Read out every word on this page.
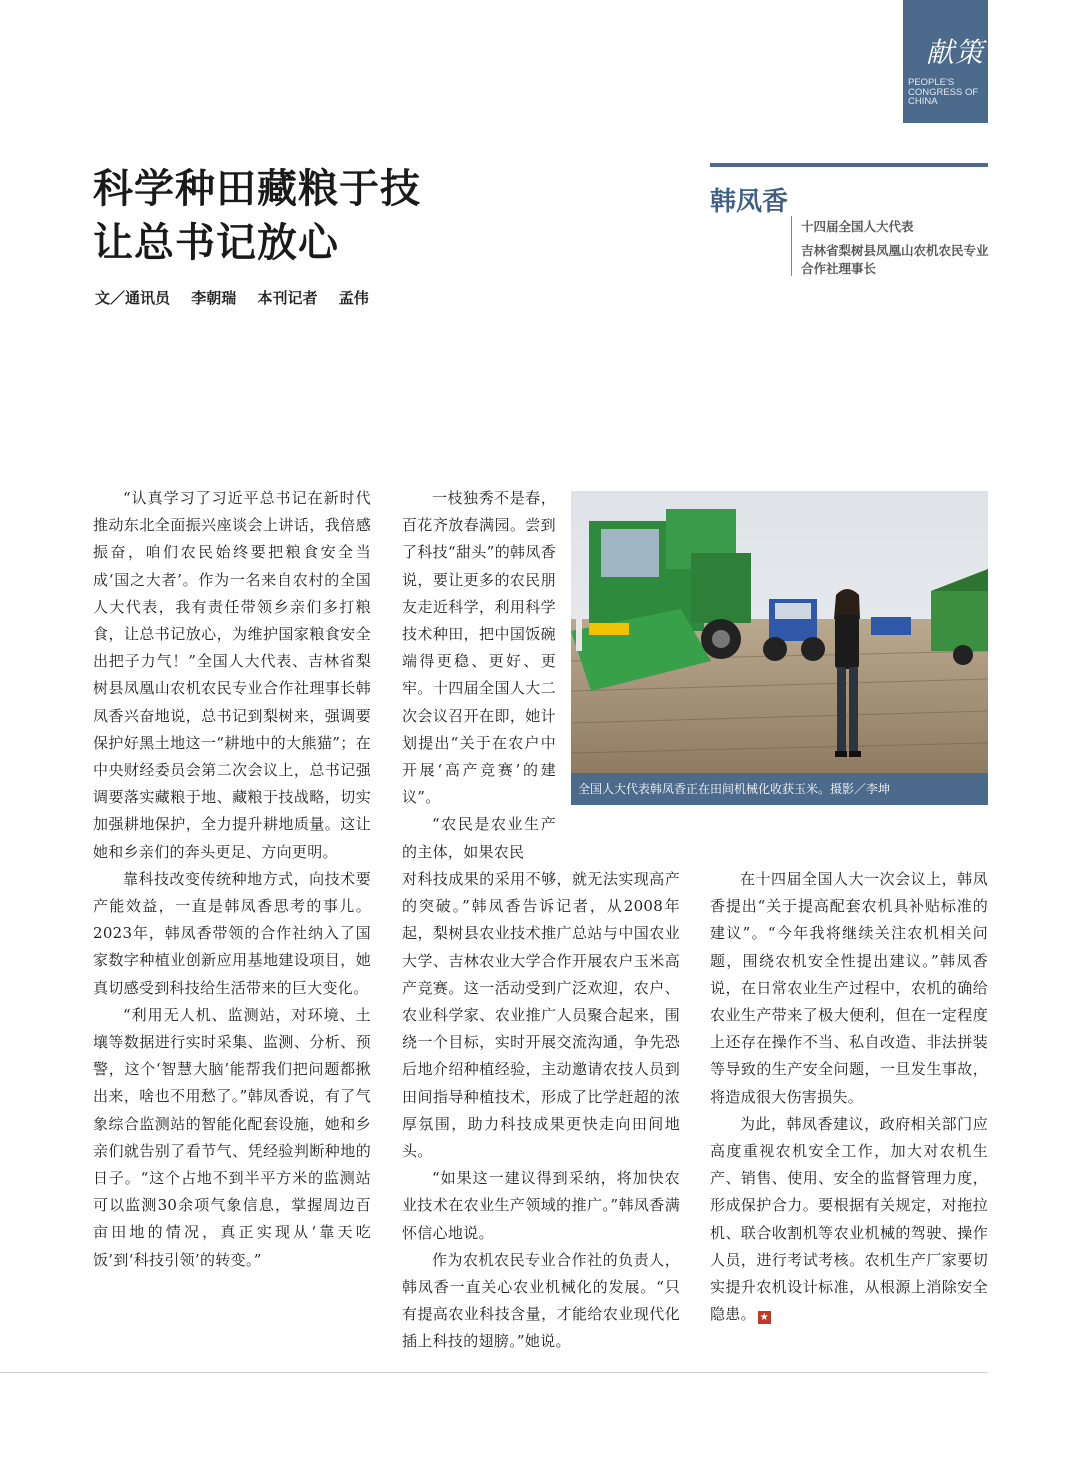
献策
PEOPLE'S
CONGRESS OF
CHINA
科学种田藏粮于技
让总书记放心
文／通讯员 李朝瑞 本刊记者 孟伟
韩凤香
十四届全国人大代表
吉林省梨树县凤凰山农机农民专业合作社理事长

“认真学习了习近平总书记在新时代推动东北全面振兴座谈会上讲话，我倍感振奋，咱们农民始终要把粮食安全当成‘国之大者’。作为一名来自农村的全国人大代表，我有责任带领乡亲们多打粮食，让总书记放心，为维护国家粮食安全出把子力气！”全国人大代表、吉林省梨树县凤凰山农机农民专业合作社理事长韩凤香兴奋地说，总书记到梨树来，强调要保护好黑土地这一“耕地中的大熊猫”；在中央财经委员会第二次会议上，总书记强调要落实藏粮于地、藏粮于技战略，切实加强耕地保护，全力提升耕地质量。这让她和乡亲们的奔头更足、方向更明。

靠科技改变传统种地方式，向技术要产能效益，一直是韩凤香思考的事儿。2023年，韩凤香带领的合作社纳入了国家数字种植业创新应用基地建设项目，她真切感受到科技给生活带来的巨大变化。

“利用无人机、监测站，对环境、土壤等数据进行实时采集、监测、分析、预警，这个‘智慧大脑’能帮我们把问题都揪出来，啥也不用愁了。”韩凤香说，有了气象综合监测站的智能化配套设施，她和乡亲们就告别了看节气、凭经验判断种地的日子。“这个占地不到半平方米的监测站可以监测30余项气象信息，掌握周边百亩田地的情况，真正实现从‘靠天吃饭’到‘科技引领’的转变。”

一枝独秀不是春，百花齐放春满园。尝到了科技“甜头”的韩凤香说，要让更多的农民朋友走近科学，利用科学技术种田，把中国饭碗端得更稳、更好、更牢。十四届全国人大二次会议召开在即，她计划提出“关于在农户中开展‘高产竞赛’的建议”。

“农民是农业生产的主体，如果农民

全国人大代表韩凤香正在田间机械化收获玉米。摄影／李坤

对科技成果的采用不够，就无法实现高产的突破。”韩凤香告诉记者，从2008年起，梨树县农业技术推广总站与中国农业大学、吉林农业大学合作开展农户玉米高产竞赛。这一活动受到广泛欢迎，农户、农业科学家、农业推广人员聚合起来，围绕一个目标，实时开展交流沟通，争先恐后地介绍种植经验，主动邀请农技人员到田间指导种植技术，形成了比学赶超的浓厚氛围，助力科技成果更快走向田间地头。

“如果这一建议得到采纳，将加快农业技术在农业生产领域的推广。”韩凤香满怀信心地说。

作为农机农民专业合作社的负责人，韩凤香一直关心农业机械化的发展。“只有提高农业科技含量，才能给农业现代化插上科技的翅膀。”她说。

在十四届全国人大一次会议上，韩凤香提出“关于提高配套农机具补贴标准的建议”。“今年我将继续关注农机相关问题，围绕农机安全性提出建议。”韩凤香说，在日常农业生产过程中，农机的确给农业生产带来了极大便利，但在一定程度上还存在操作不当、私自改造、非法拼装等导致的生产安全问题，一旦发生事故，将造成很大伤害损失。

为此，韩凤香建议，政府相关部门应高度重视农机安全工作，加大对农机生产、销售、使用、安全的监督管理力度，形成保护合力。要根据有关规定，对拖拉机、联合收割机等农业机械的驾驶、操作人员，进行考试考核。农机生产厂家要切实提升农机设计标准，从根源上消除安全隐患。 ★
